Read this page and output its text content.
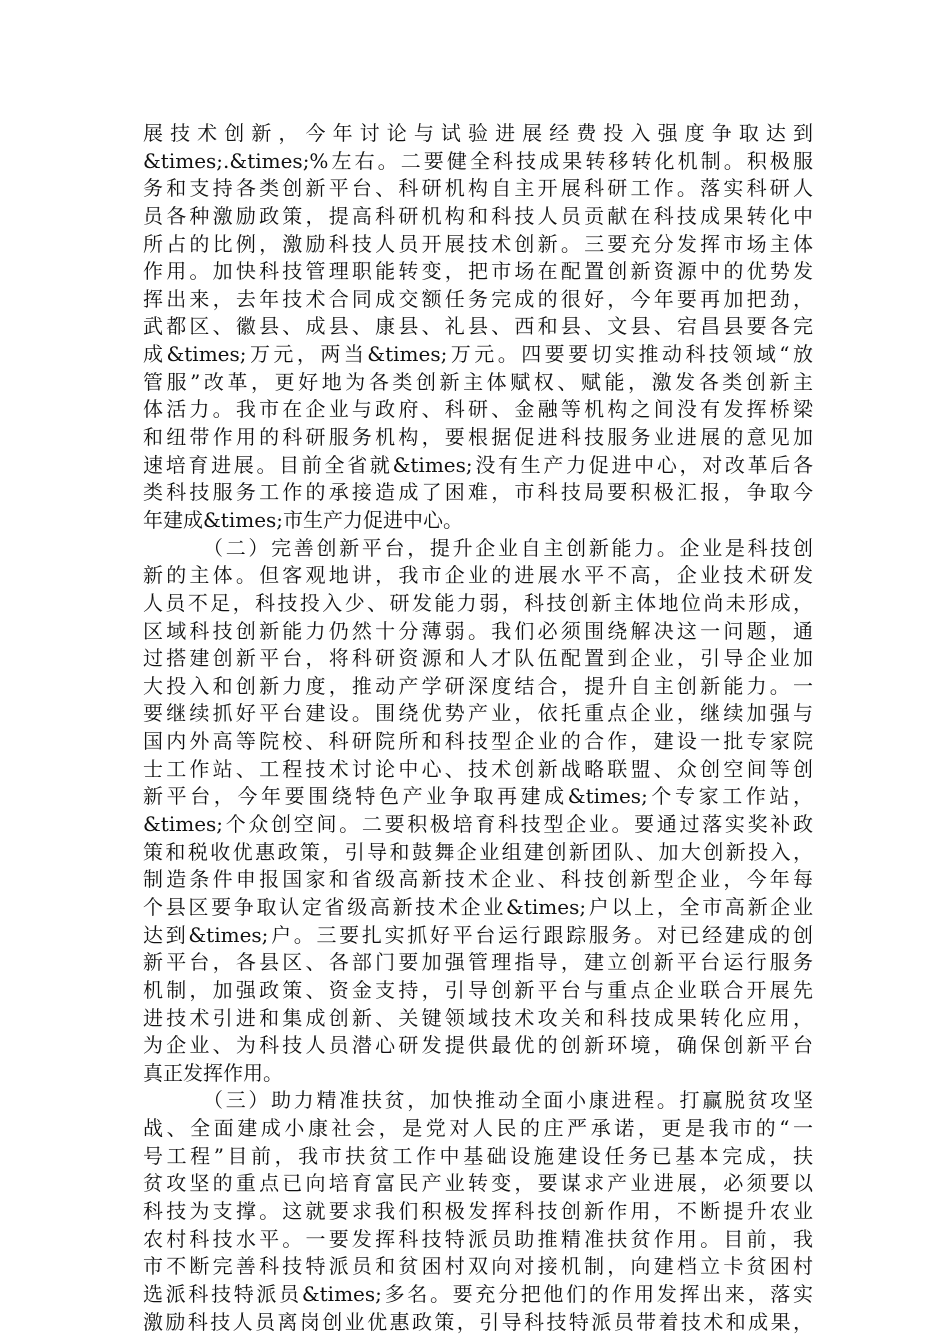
展技术创新，今年讨论与试验进展经费投入强度争取达到
&times;.&times;%左右。二要健全科技成果转移转化机制。积极服
务和支持各类创新平台、科研机构自主开展科研工作。落实科研人
员各种激励政策，提高科研机构和科技人员贡献在科技成果转化中
所占的比例，激励科技人员开展技术创新。三要充分发挥市场主体
作用。加快科技管理职能转变，把市场在配置创新资源中的优势发
挥出来，去年技术合同成交额任务完成的很好，今年要再加把劲，
武都区、徽县、成县、康县、礼县、西和县、文县、宕昌县要各完
成&times;万元，两当&times;万元。四要要切实推动科技领域“放
管服”改革，更好地为各类创新主体赋权、赋能，激发各类创新主
体活力。我市在企业与政府、科研、金融等机构之间没有发挥桥梁
和纽带作用的科研服务机构，要根据促进科技服务业进展的意见加
速培育进展。目前全省就&times;没有生产力促进中心，对改革后各
类科技服务工作的承接造成了困难，市科技局要积极汇报，争取今
年建成&times;市生产力促进中心。
（二）完善创新平台，提升企业自主创新能力。企业是科技创
新的主体。但客观地讲，我市企业的进展水平不高，企业技术研发
人员不足，科技投入少、研发能力弱，科技创新主体地位尚未形成，
区域科技创新能力仍然十分薄弱。我们必须围绕解决这一问题，通
过搭建创新平台，将科研资源和人才队伍配置到企业，引导企业加
大投入和创新力度，推动产学研深度结合，提升自主创新能力。一
要继续抓好平台建设。围绕优势产业，依托重点企业，继续加强与
国内外高等院校、科研院所和科技型企业的合作，建设一批专家院
士工作站、工程技术讨论中心、技术创新战略联盟、众创空间等创
新平台，今年要围绕特色产业争取再建成&times;个专家工作站，
&times;个众创空间。二要积极培育科技型企业。要通过落实奖补政
策和税收优惠政策，引导和鼓舞企业组建创新团队、加大创新投入，
制造条件申报国家和省级高新技术企业、科技创新型企业，今年每
个县区要争取认定省级高新技术企业&times;户以上，全市高新企业
达到&times;户。三要扎实抓好平台运行跟踪服务。对已经建成的创
新平台，各县区、各部门要加强管理指导，建立创新平台运行服务
机制，加强政策、资金支持，引导创新平台与重点企业联合开展先
进技术引进和集成创新、关键领域技术攻关和科技成果转化应用，
为企业、为科技人员潜心研发提供最优的创新环境，确保创新平台
真正发挥作用。
（三）助力精准扶贫，加快推动全面小康进程。打赢脱贫攻坚
战、全面建成小康社会，是党对人民的庄严承诺，更是我市的“一
号工程”目前，我市扶贫工作中基础设施建设任务已基本完成，扶
贫攻坚的重点已向培育富民产业转变，要谋求产业进展，必须要以
科技为支撑。这就要求我们积极发挥科技创新作用，不断提升农业
农村科技水平。一要发挥科技特派员助推精准扶贫作用。目前，我
市不断完善科技特派员和贫困村双向对接机制，向建档立卡贫困村
选派科技特派员&times;多名。要充分把他们的作用发挥出来，落实
激励科技人员离岗创业优惠政策，引导科技特派员带着技术和成果，
